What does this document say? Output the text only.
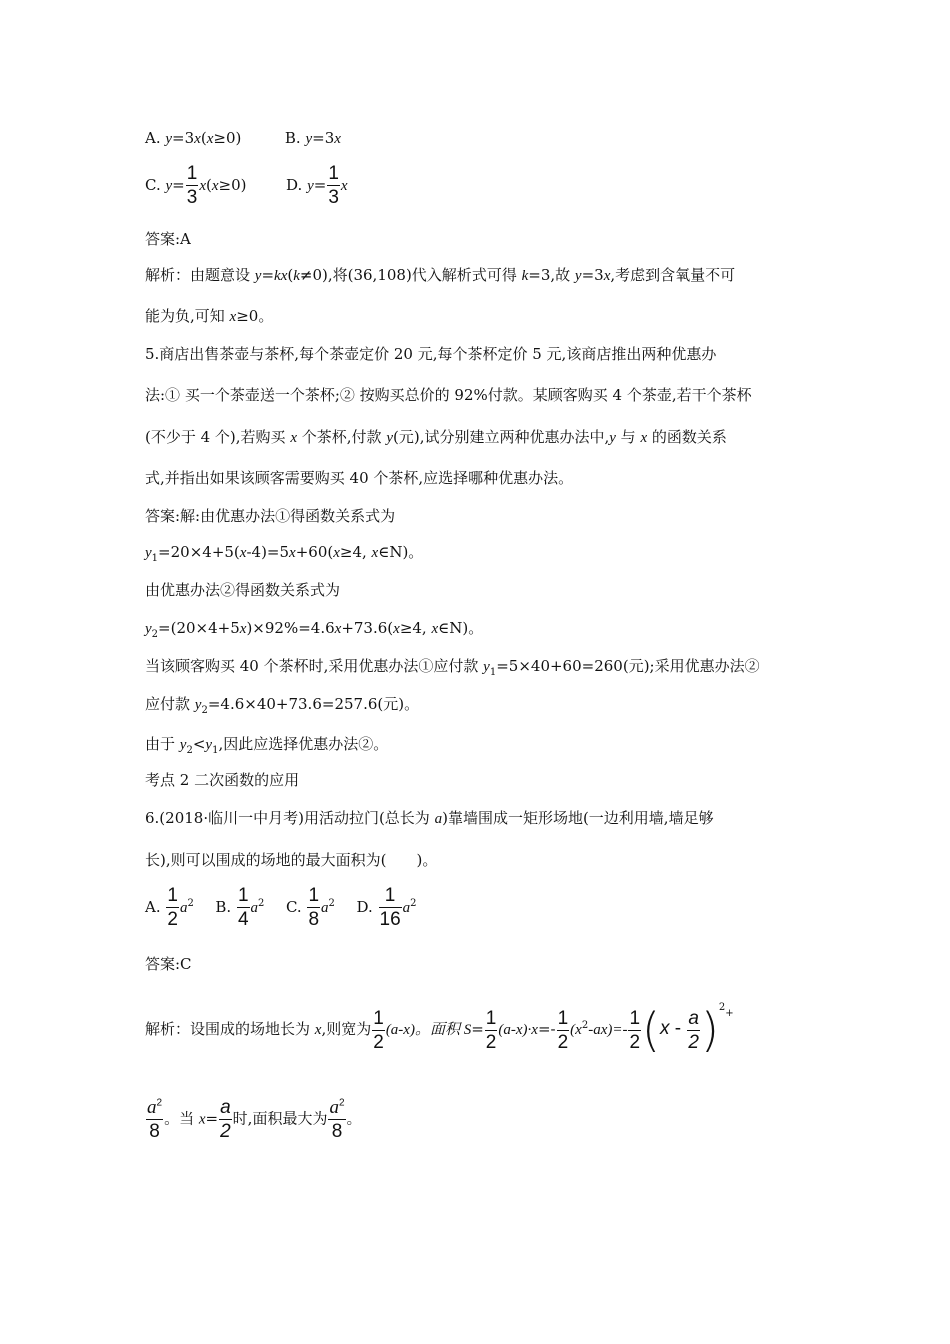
A. y=3x(x≥0)	B. y=3x
C. $y= \frac{1}{3} x(x\ge 0)$	D. $y= \frac{1}{3}$ x
答案:A
解析：由题意设 y=kx(k≠0),将(36,108)代入解析式可得 k=3,故 y=3x,考虑到含氧量不可
能为负,可知 x≥0。
5.商店出售茶壶与茶杯,每个茶壶定价 20 元,每个茶杯定价 5 元,该商店推出两种优惠办
法:① 买一个茶壶送一个茶杯;② 按购买总价的 92%付款。某顾客购买 4 个茶壶,若干个茶杯
(不少于 4 个),若购买 x 个茶杯,付款 y(元),试分别建立两种优惠办法中,y 与 x 的函数关系
式,并指出如果该顾客需要购买 40 个茶杯,应选择哪种优惠办法。
答案:解:由优惠办法①得函数关系式为
$y_1=20\times 4+5(x-4)=5x+60(x\ge 4$, x∈N)。
由优惠办法②得函数关系式为
$y_2=(20\times 4+5x)\times 92\%=4.6x+73.6(x\ge 4$, x∈N)。
当该顾客购买 40 个茶杯时,采用优惠办法①应付款 $y_1=5\times 40+60=260$(元);采用优惠办法②
应付款 $y_2=4.6\times 40+73.6=257.6$(元)。
由于 $y_2<y_1$,因此应选择优惠办法②。
考点 2 二次函数的应用
6.(2018·临川一中月考)用活动拉门(总长为 a)靠墙围成一矩形场地(一边利用墙,墙足够
长),则可以围成的场地的最大面积为(　　)。
A. $\frac{1}{2} a^2$ B. $\frac{1}{4} a^2$ C. $\frac{1}{8} a^2$ D. $\frac{1}{16} a^2$
答案:C
解析：设围成的场地长为 x,则宽为 $\frac{1}{2} (a-x)$。面积 $S= \frac{1}{2} (a-x)\cdot x=- \frac{1}{2} (x^2-ax)=- \frac{1}{2} (x - \frac{a}{2} )^{2+}$
$\frac{a^2}{8}$ 。当 $x= \frac{a}{2}$ 时,面积最大为 $\frac{a^2}{8}$ 。
